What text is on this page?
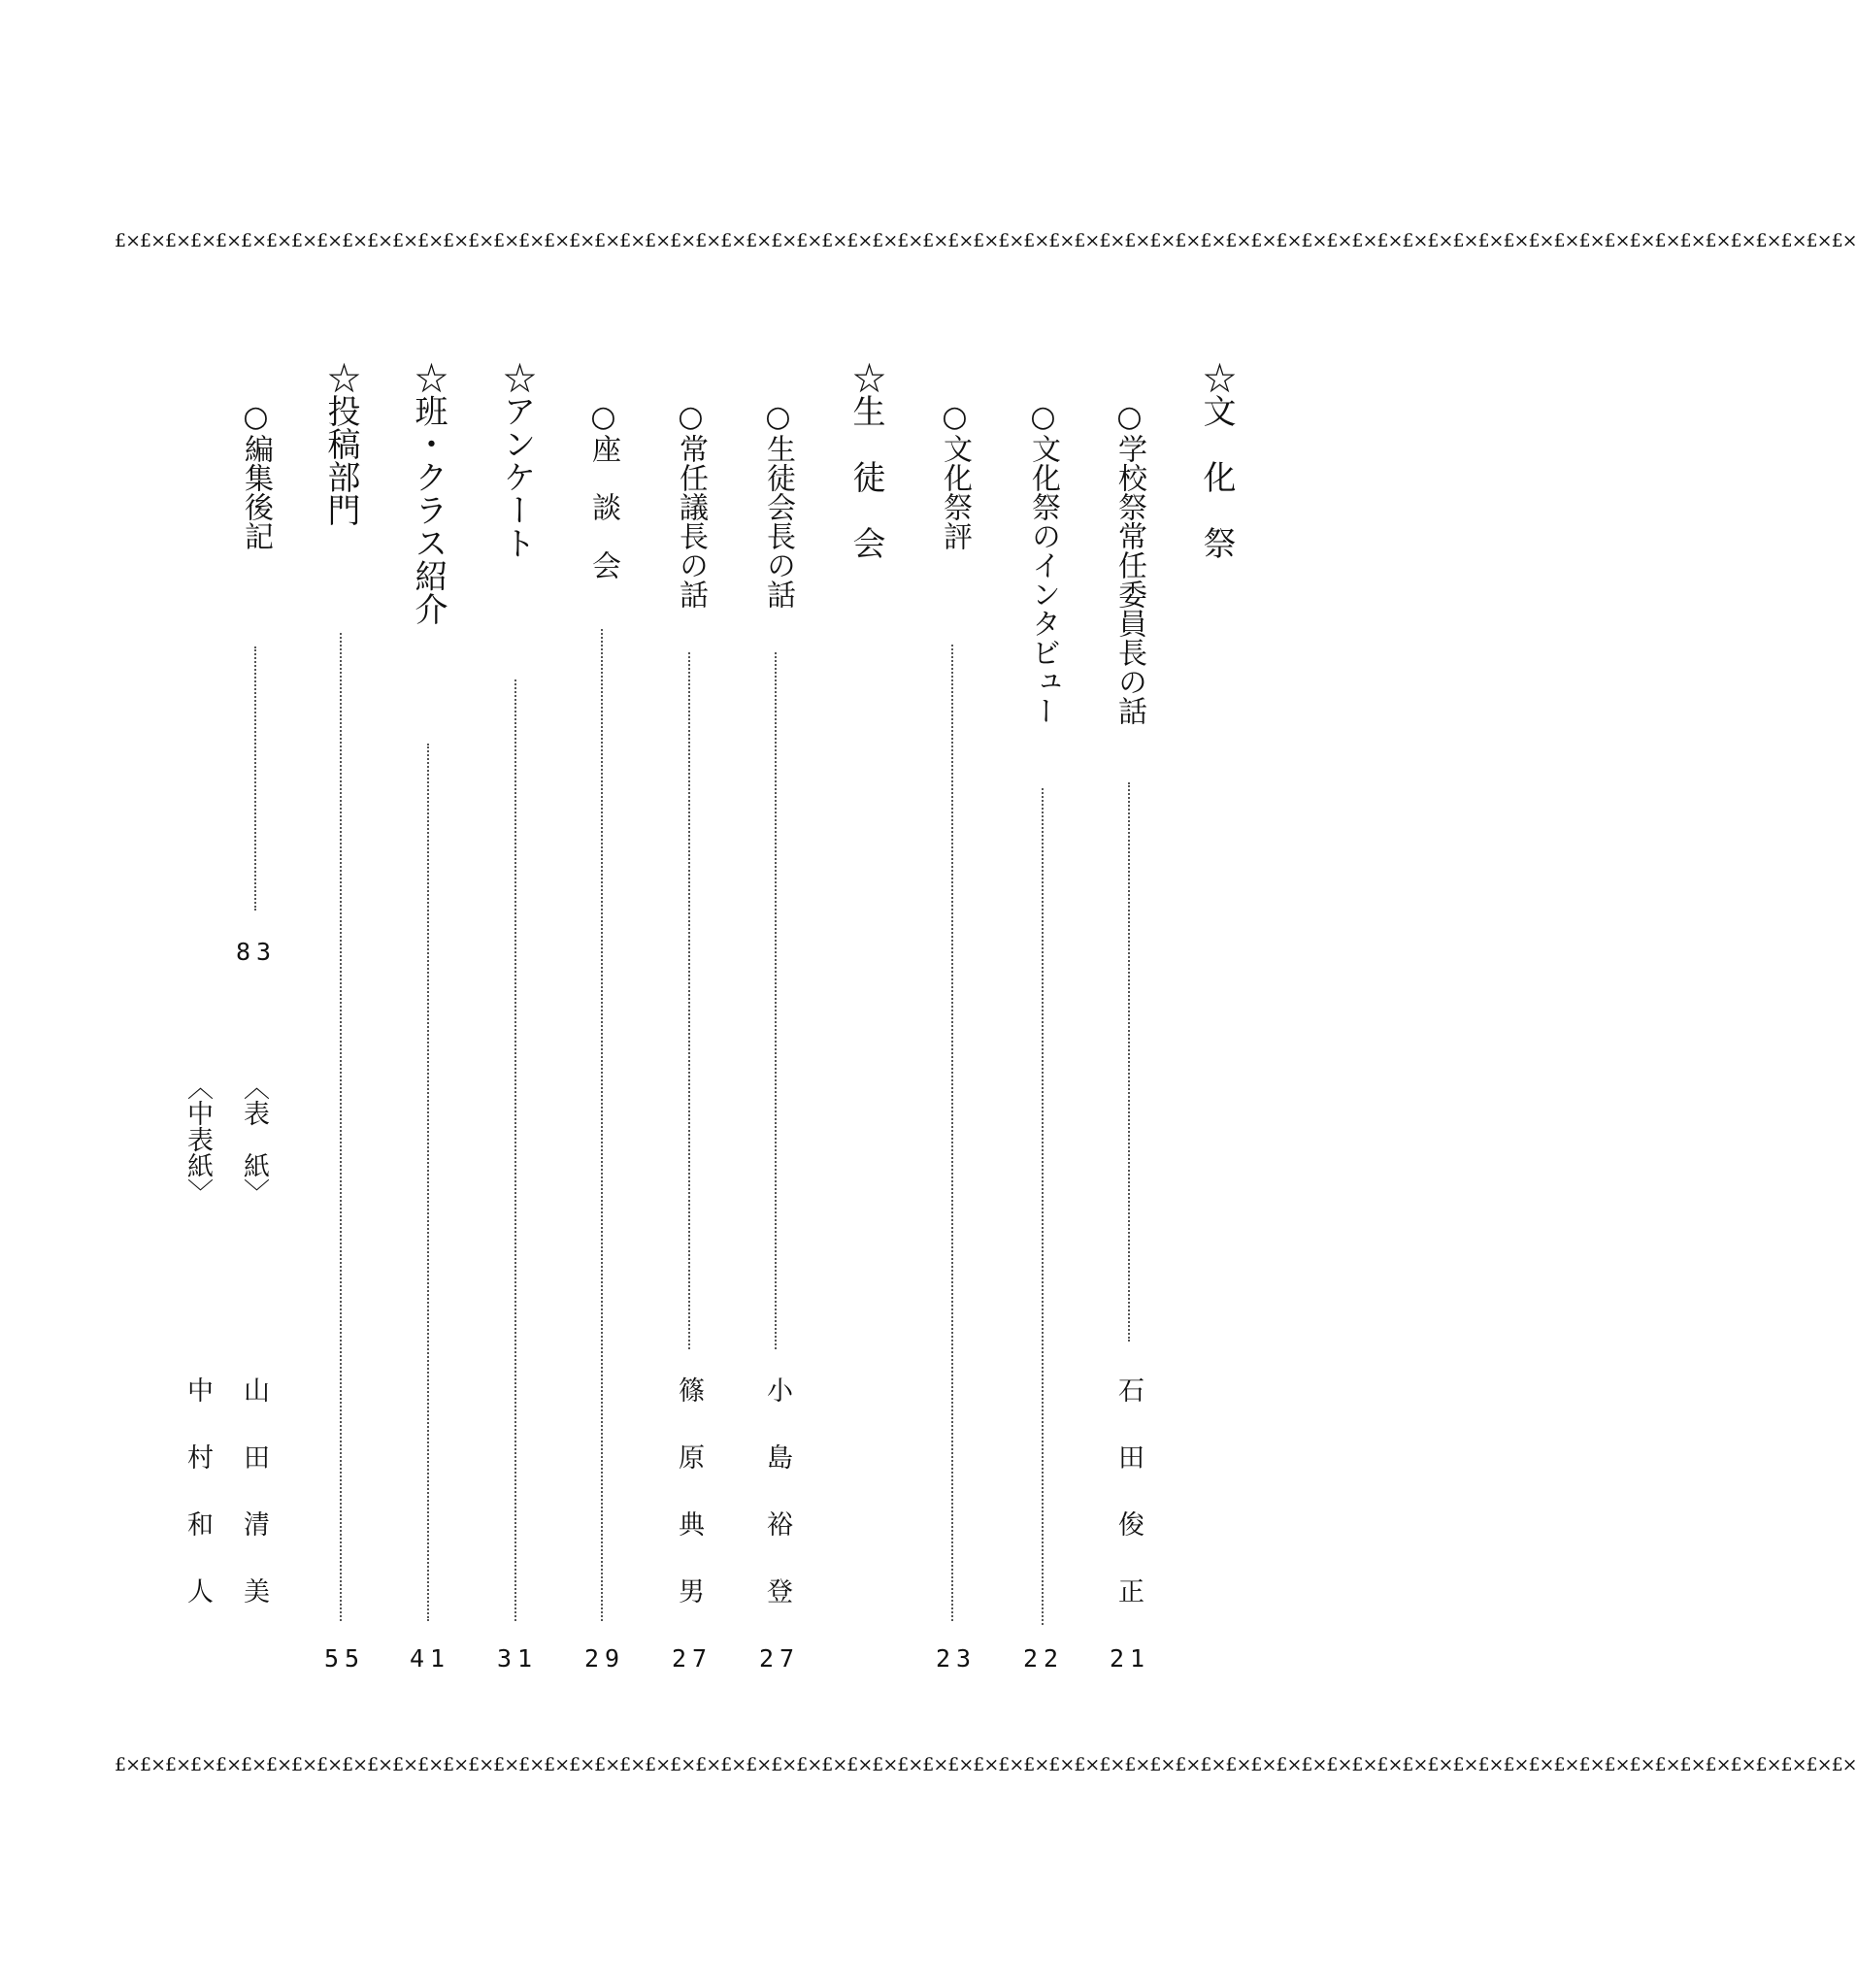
£×£×£×£×£×£×£×£×£×£×£×£×£×£×£×£×£×£×£×£×£×£×£×£×£×£×£×£×£×£×£×£×£×£×£×£×£×£×£×£×£×£×£×£×£×£×£×£×£×£×£×£×£×£×£×£×£×£×£×£×£×£×£×£×£×£×£×£×£×
☆文　化　祭
○学校祭常任委員長の話
石田俊正
21
○文化祭のインタビュー
22
○文化祭評
23
☆生　徒　会
○生徒会長の話
小島裕登
27
○常任議長の話
篠原典男
27
○座　談　会
29
☆アンケート
31
☆班・クラス紹介
41
☆投稿部門
55
○編集後記
83
〈表　紙〉
山田清美
〈中表紙〉
中村和人
£×£×£×£×£×£×£×£×£×£×£×£×£×£×£×£×£×£×£×£×£×£×£×£×£×£×£×£×£×£×£×£×£×£×£×£×£×£×£×£×£×£×£×£×£×£×£×£×£×£×£×£×£×£×£×£×£×£×£×£×£×£×£×£×£×£×£×£×£×
